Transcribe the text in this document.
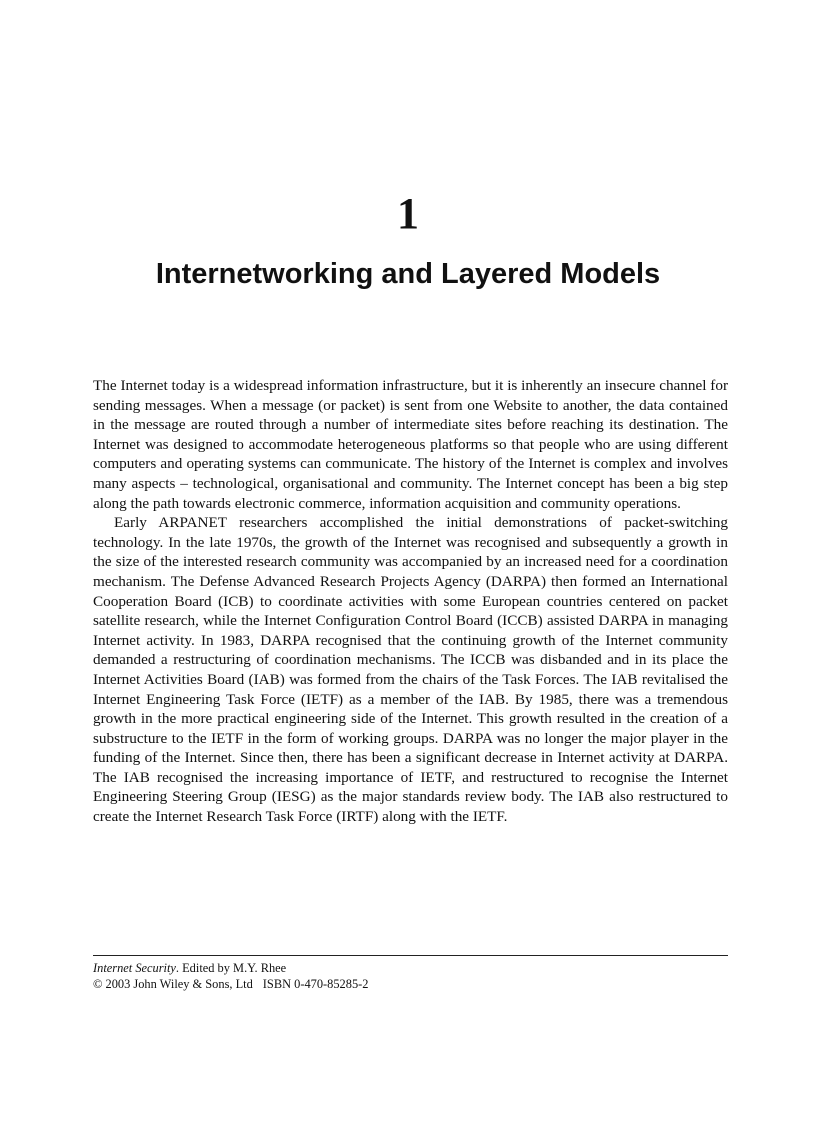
1
Internetworking and Layered Models

The Internet today is a widespread information infrastructure, but it is inherently an insecure channel for sending messages. When a message (or packet) is sent from one Website to another, the data contained in the message are routed through a number of intermediate sites before reaching its destination. The Internet was designed to accommodate heterogeneous platforms so that people who are using different computers and operating systems can communicate. The history of the Internet is complex and involves many aspects – technological, organisational and community. The Internet concept has been a big step along the path towards electronic commerce, information acquisition and community operations.

Early ARPANET researchers accomplished the initial demonstrations of packet-switching technology. In the late 1970s, the growth of the Internet was recognised and subsequently a growth in the size of the interested research community was accompanied by an increased need for a coordination mechanism. The Defense Advanced Research Projects Agency (DARPA) then formed an International Cooperation Board (ICB) to coordinate activities with some European countries centered on packet satellite research, while the Internet Configuration Control Board (ICCB) assisted DARPA in managing Internet activity. In 1983, DARPA recognised that the continuing growth of the Internet community demanded a restructuring of coordination mechanisms. The ICCB was disbanded and in its place the Internet Activities Board (IAB) was formed from the chairs of the Task Forces. The IAB revitalised the Internet Engineering Task Force (IETF) as a member of the IAB. By 1985, there was a tremendous growth in the more practical engineering side of the Internet. This growth resulted in the creation of a substructure to the IETF in the form of working groups. DARPA was no longer the major player in the funding of the Internet. Since then, there has been a significant decrease in Internet activity at DARPA. The IAB recognised the increasing importance of IETF, and restructured to recognise the Internet Engineering Steering Group (IESG) as the major standards review body. The IAB also restructured to create the Internet Research Task Force (IRTF) along with the IETF.

Internet Security. Edited by M.Y. Rhee
© 2003 John Wiley & Sons, Ltd ISBN 0-470-85285-2
